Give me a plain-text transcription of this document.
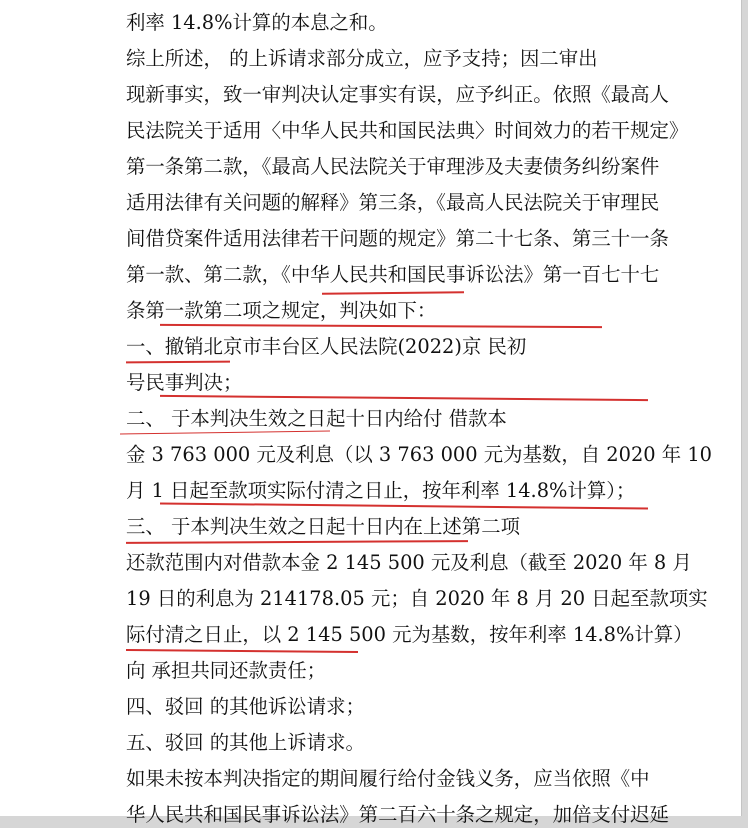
利率 14.8%计算的本息之和。
综上所述， 的上诉请求部分成立，应予支持；因二审出
现新事实，致一审判决认定事实有误，应予纠正。依照《最高人
民法院关于适用〈中华人民共和国民法典〉时间效力的若干规定》
第一条第二款，《最高人民法院关于审理涉及夫妻债务纠纷案件
适用法律有关问题的解释》第三条，《最高人民法院关于审理民
间借贷案件适用法律若干问题的规定》第二十七条、第三十一条
第一款、第二款，《中华人民共和国民事诉讼法》第一百七十七
条第一款第二项之规定，判决如下：
一、撤销北京市丰台区人民法院(2022)京 民初
号民事判决；
二、 于本判决生效之日起十日内给付 借款本
金 3 763 000 元及利息（以 3 763 000 元为基数，自 2020 年 10
月 1 日起至款项实际付清之日止，按年利率 14.8%计算）；
三、 于本判决生效之日起十日内在上述第二项
还款范围内对借款本金 2 145 500 元及利息（截至 2020 年 8 月
19 日的利息为 214178.05 元；自 2020 年 8 月 20 日起至款项实
际付清之日止，以 2 145 500 元为基数，按年利率 14.8%计算）
向 承担共同还款责任；
四、驳回 的其他诉讼请求；
五、驳回 的其他上诉请求。
如果未按本判决指定的期间履行给付金钱义务，应当依照《中
华人民共和国民事诉讼法》第二百六十条之规定，加倍支付迟延
